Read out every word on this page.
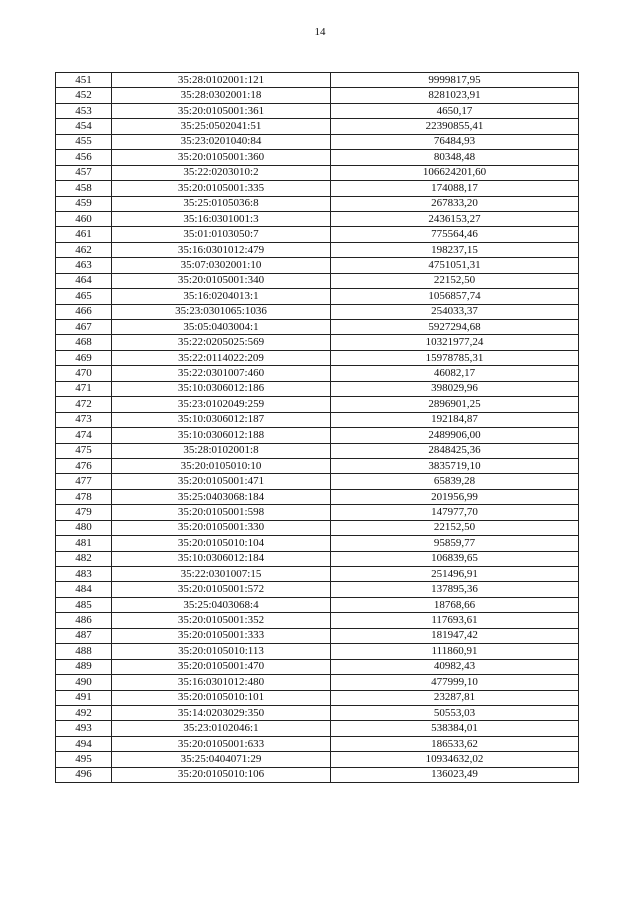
14
451	35:28:0102001:121	9999817,95
452	35:28:0302001:18	8281023,91
453	35:20:0105001:361	4650,17
454	35:25:0502041:51	22390855,41
455	35:23:0201040:84	76484,93
456	35:20:0105001:360	80348,48
457	35:22:0203010:2	106624201,60
458	35:20:0105001:335	174088,17
459	35:25:0105036:8	267833,20
460	35:16:0301001:3	2436153,27
461	35:01:0103050:7	775564,46
462	35:16:0301012:479	198237,15
463	35:07:0302001:10	4751051,31
464	35:20:0105001:340	22152,50
465	35:16:0204013:1	1056857,74
466	35:23:0301065:1036	254033,37
467	35:05:0403004:1	5927294,68
468	35:22:0205025:569	10321977,24
469	35:22:0114022:209	15978785,31
470	35:22:0301007:460	46082,17
471	35:10:0306012:186	398029,96
472	35:23:0102049:259	2896901,25
473	35:10:0306012:187	192184,87
474	35:10:0306012:188	2489906,00
475	35:28:0102001:8	2848425,36
476	35:20:0105010:10	3835719,10
477	35:20:0105001:471	65839,28
478	35:25:0403068:184	201956,99
479	35:20:0105001:598	147977,70
480	35:20:0105001:330	22152,50
481	35:20:0105010:104	95859,77
482	35:10:0306012:184	106839,65
483	35:22:0301007:15	251496,91
484	35:20:0105001:572	137895,36
485	35:25:0403068:4	18768,66
486	35:20:0105001:352	117693,61
487	35:20:0105001:333	181947,42
488	35:20:0105010:113	111860,91
489	35:20:0105001:470	40982,43
490	35:16:0301012:480	477999,10
491	35:20:0105010:101	23287,81
492	35:14:0203029:350	50553,03
493	35:23:0102046:1	538384,01
494	35:20:0105001:633	186533,62
495	35:25:0404071:29	10934632,02
496	35:20:0105010:106	136023,49
